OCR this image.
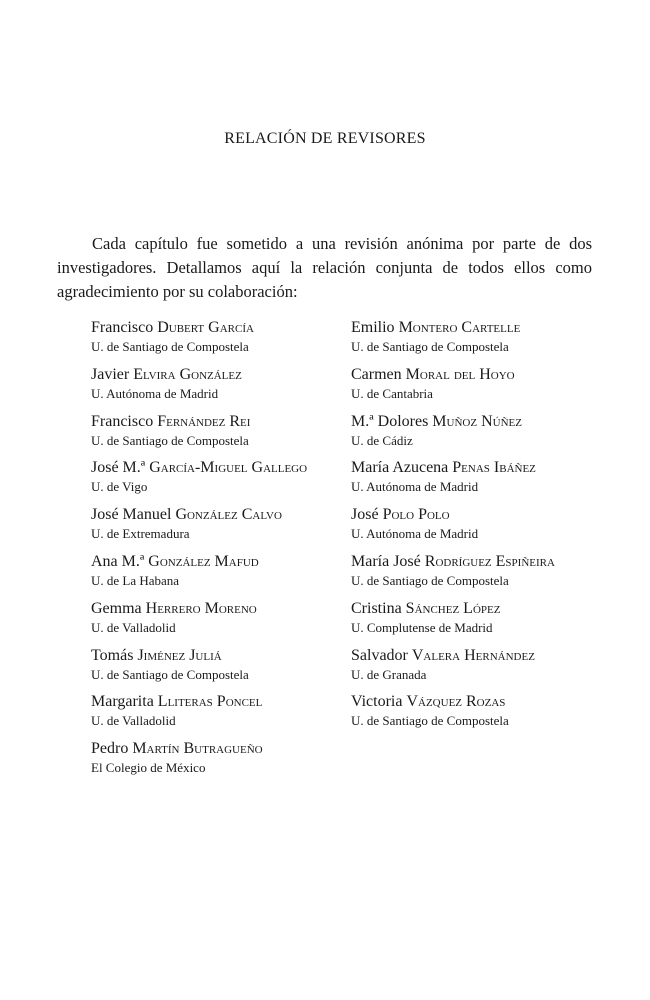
RELACIÓN DE REVISORES

Cada capítulo fue sometido a una revisión anónima por parte de dos investigadores. Detallamos aquí la relación conjunta de todos ellos como agradecimiento por su colaboración:

Francisco Dubert García
U. de Santiago de Compostela
Javier Elvira González
U. Autónoma de Madrid
Francisco Fernández Rei
U. de Santiago de Compostela
José M.ª García-Miguel Gallego
U. de Vigo
José Manuel González Calvo
U. de Extremadura
Ana M.ª González Mafud
U. de La Habana
Gemma Herrero Moreno
U. de Valladolid
Tomás Jiménez Juliá
U. de Santiago de Compostela
Margarita Lliteras Poncel
U. de Valladolid
Pedro Martín Butragueño
El Colegio de México
Emilio Montero Cartelle
U. de Santiago de Compostela
Carmen Moral del Hoyo
U. de Cantabria
M.ª Dolores Muñoz Núñez
U. de Cádiz
María Azucena Penas Ibáñez
U. Autónoma de Madrid
José Polo Polo
U. Autónoma de Madrid
María José Rodríguez Espiñeira
U. de Santiago de Compostela
Cristina Sánchez López
U. Complutense de Madrid
Salvador Valera Hernández
U. de Granada
Victoria Vázquez Rozas
U. de Santiago de Compostela
